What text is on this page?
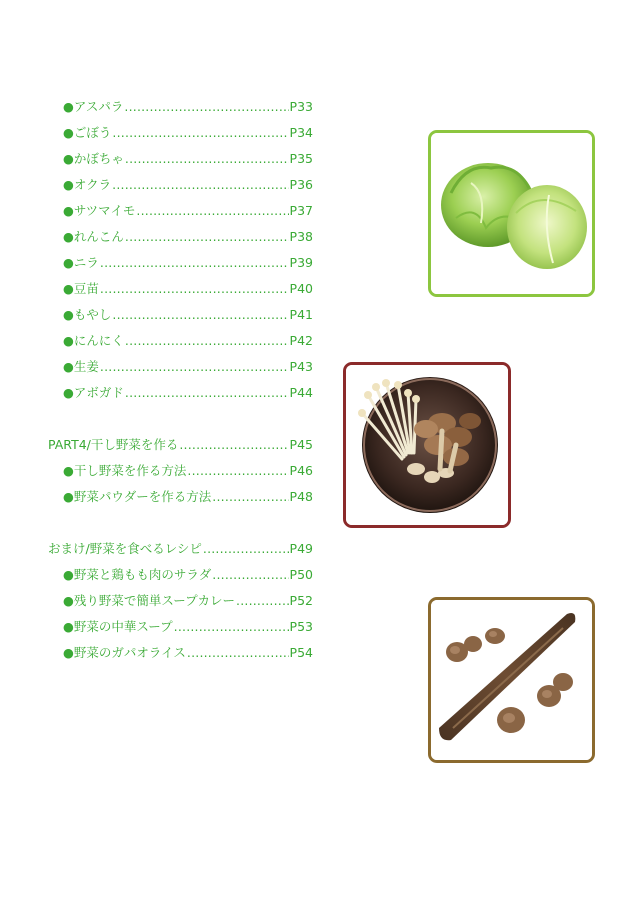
●アスパラ .....	P33
●ごぼう .....	P34
●かぼちゃ .....	P35
●オクラ .....	P36
●サツマイモ .....	P37
●れんこん .....	P38
●ニラ .....	P39
●豆苗 .....	P40
●もやし .....	P41
●にんにく .....	P42
●生姜 .....	P43
●アボガド .....	P44
PART4/干し野菜を作る .....	P45
●干し野菜を作る方法 .....	P46
●野菜パウダーを作る方法 .....	P48
おまけ/野菜を食べるレシピ .....	P49
●野菜と鶏もも肉のサラダ .....	P50
●残り野菜で簡単スープカレー .....	P52
●野菜の中華スープ .....	P53
●野菜のガパオライス .....	P54
